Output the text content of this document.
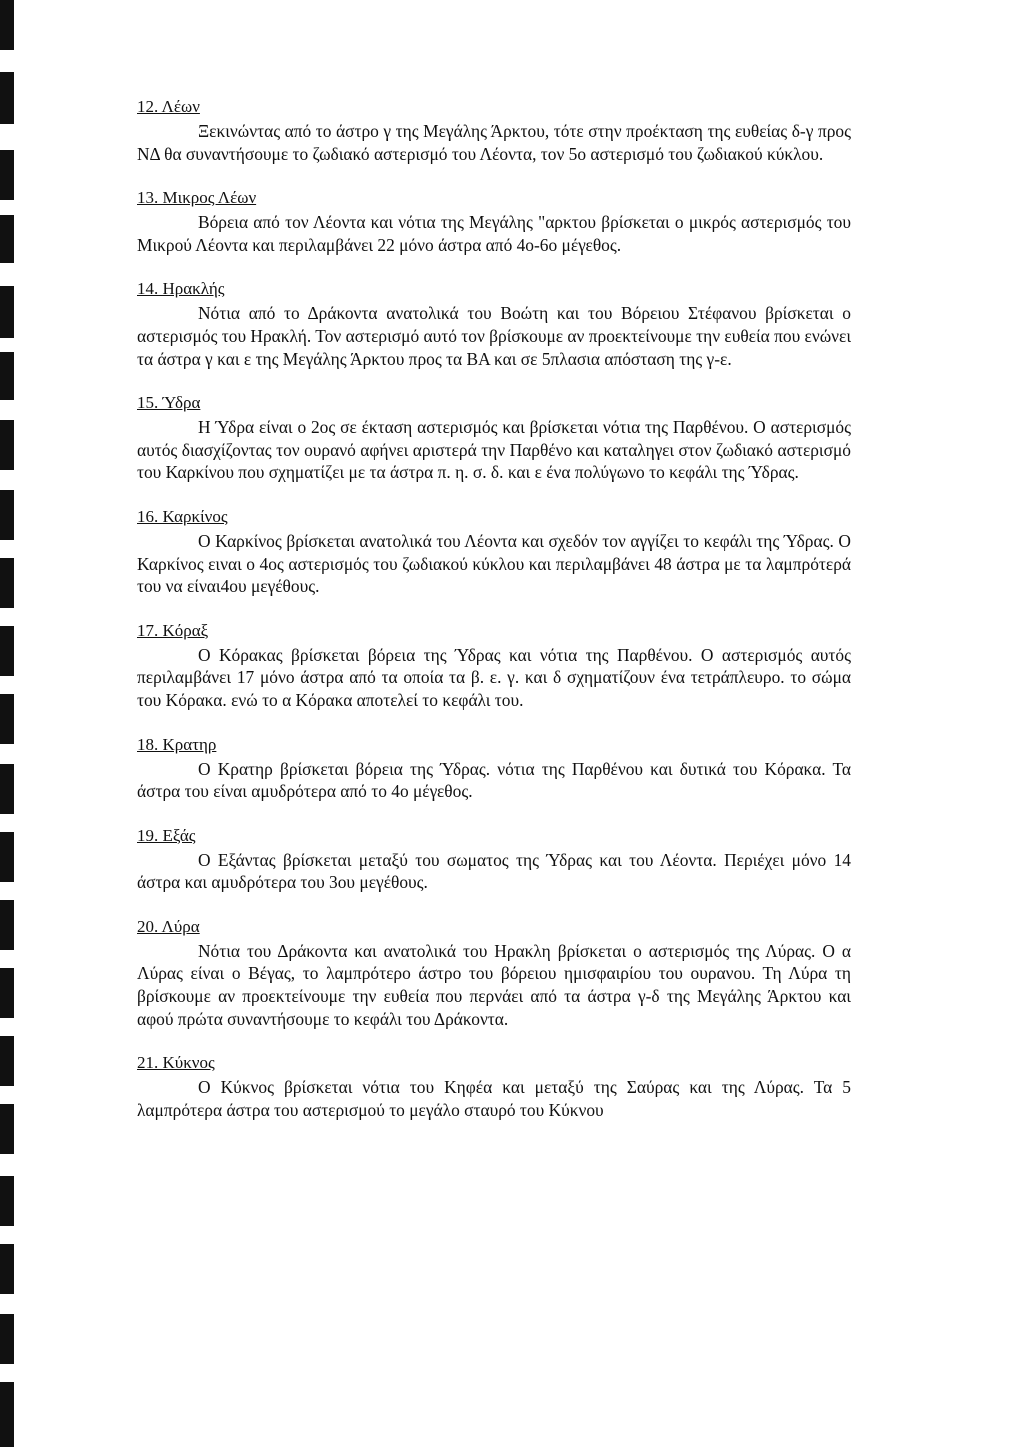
12. Λέων

Ξεκινώντας από το άστρο γ της Μεγάλης Άρκτου, τότε στην προέκταση της ευθείας δ-γ προς ΝΔ θα συναντήσουμε το ζωδιακό αστερισμό του Λέοντα, τον 5ο αστερισμό του ζωδιακού κύκλου.

13. Μικρος Λέων

Βόρεια από τον Λέοντα και νότια της Μεγάλης "αρκτου βρίσκεται ο μικρός αστερισμός του Μικρού Λέοντα και περιλαμβάνει 22 μόνο άστρα από 4ο-6ο μέγεθος.

14. Ηρακλής

Νότια από το Δράκοντα ανατολικά του Βοώτη και του Βόρειου Στέφανου βρίσκεται ο αστερισμός του Ηρακλή. Τον αστερισμό αυτό τον βρίσκουμε αν προεκτείνουμε την ευθεία που ενώνει τα άστρα γ και ε της Μεγάλης Άρκτου προς τα ΒΑ και σε 5πλασια απόσταση της γ-ε.

15. Ύδρα

Η Ύδρα είναι ο 2ος σε έκταση αστερισμός και βρίσκεται νότια της Παρθένου. Ο αστερισμός αυτός διασχίζοντας τον ουρανό αφήνει αριστερά την Παρθένο και καταληγει στον ζωδιακό αστερισμό του Καρκίνου που σχηματίζει με τα άστρα π. η. σ. δ. και ε ένα πολύγωνο το κεφάλι της Ύδρας.

16. Καρκίνος

Ο Καρκίνος βρίσκεται ανατολικά του Λέοντα και σχεδόν τον αγγίζει το κεφάλι της Ύδρας. Ο Καρκίνος ειναι ο 4ος αστερισμός του ζωδιακού κύκλου και περιλαμβάνει 48 άστρα με τα λαμπρότερά του να είναι4ου μεγέθους.

17. Κόραξ

Ο Κόρακας βρίσκεται βόρεια της Ύδρας και νότια της Παρθένου. Ο αστερισμός αυτός περιλαμβάνει 17 μόνο άστρα από τα οποία τα β. ε. γ. και δ σχηματίζουν ένα τετράπλευρο. το σώμα του Κόρακα. ενώ το α Κόρακα αποτελεί το κεφάλι του.

18. Κρατηρ

Ο Κρατηρ βρίσκεται βόρεια της Ύδρας. νότια της Παρθένου και δυτικά του Κόρακα. Τα άστρα του είναι αμυδρότερα από το 4ο μέγεθος.

19. Εξάς

Ο Εξάντας βρίσκεται μεταξύ του σωματος της Ύδρας και του Λέοντα. Περιέχει μόνο 14 άστρα και αμυδρότερα του 3ου μεγέθους.

20. Λύρα

Νότια του Δράκοντα και ανατολικά του Ηρακλη βρίσκεται ο αστερισμός της Λύρας. Ο α Λύρας είναι ο Βέγας, το λαμπρότερο άστρο του βόρειου ημισφαιρίου του ουρανου. Τη Λύρα τη βρίσκουμε αν προεκτείνουμε την ευθεία που περνάει από τα άστρα γ-δ της Μεγάλης Άρκτου και αφού πρώτα συναντήσουμε το κεφάλι του Δράκοντα.

21. Κύκνος

Ο Κύκνος βρίσκεται νότια του Κηφέα και μεταξύ της Σαύρας και της Λύρας. Τα 5 λαμπρότερα άστρα του αστερισμού το μεγάλο σταυρό του Κύκνου
